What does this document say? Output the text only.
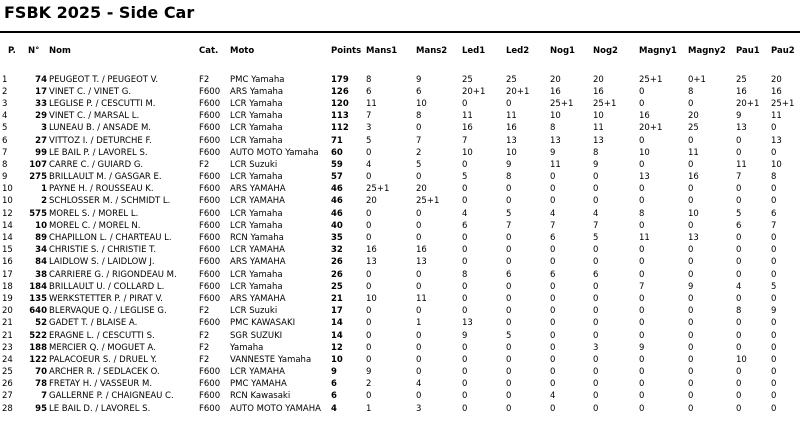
FSBK 2025 - Side Car
P.	N°	Nom	Cat.	Moto	Points	Mans1	Mans2	Led1	Led2	Nog1	Nog2	Magny1	Magny2	Pau1	Pau2

1	74	PEUGEOT T. / PEUGEOT V.	F2	PMC Yamaha	179	8	9	25	25	20	20	25+1	0+1	25	20
2	17	VINET C. / VINET G.	F600	ARS Yamaha	126	6	6	20+1	20+1	16	16	0	8	16	16
3	33	LEGLISE P. / CESCUTTI M.	F600	LCR Yamaha	120	11	10	0	0	25+1	25+1	0	0	20+1	25+1
4	29	VINET C. / MARSAL L.	F600	LCR Yamaha	113	7	8	11	11	10	10	16	20	9	11
5	3	LUNEAU B. / ANSADE M.	F600	LCR Yamaha	112	3	0	16	16	8	11	20+1	25	13	0
6	27	VITTOZ I. / DETURCHE F.	F600	LCR Yamaha	71	5	7	7	13	13	13	0	0	0	13
7	99	LE BAIL P. / LAVOREL S.	F600	AUTO MOTO Yamaha	60	0	2	10	10	9	8	10	11	0	0
8	107	CARRE C. / GUIARD G.	F2	LCR Suzuki	59	4	5	0	9	11	9	0	0	11	10
9	275	BRILLAULT M. / GASGAR E.	F600	LCR Yamaha	57	0	0	5	8	0	0	13	16	7	8
10	1	PAYNE H. / ROUSSEAU K.	F600	ARS YAMAHA	46	25+1	20	0	0	0	0	0	0	0	0
10	2	SCHLOSSER M. / SCHMIDT L.	F600	LCR YAMAHA	46	20	25+1	0	0	0	0	0	0	0	0
12	575	MOREL S. / MOREL L.	F600	LCR Yamaha	46	0	0	4	5	4	4	8	10	5	6
14	10	MOREL C. / MOREL N.	F600	LCR Yamaha	40	0	0	6	7	7	7	0	0	6	7
14	89	CHAPILLON L. / CHARTEAU L.	F600	RCN Yamaha	35	0	0	0	0	6	5	11	13	0	0
15	34	CHRISTIE S. / CHRISTIE T.	F600	LCR YAMAHA	32	16	16	0	0	0	0	0	0	0	0
16	84	LAIDLOW S. / LAIDLOW J.	F600	ARS YAMAHA	26	13	13	0	0	0	0	0	0	0	0
17	38	CARRIERE G. / RIGONDEAU M.	F600	LCR Yamaha	26	0	0	8	6	6	6	0	0	0	0
18	184	BRILLAULT U. / COLLARD L.	F600	LCR Yamaha	25	0	0	0	0	0	0	7	9	4	5
19	135	WERKSTETTER P. / PIRAT V.	F600	ARS YAMAHA	21	10	11	0	0	0	0	0	0	0	0
20	640	BLERVAQUE Q. / LEGLISE G.	F2	LCR Suzuki	17	0	0	0	0	0	0	0	0	8	9
21	52	GADET T. / BLAISE A.	F600	PMC KAWASAKI	14	0	1	13	0	0	0	0	0	0	0
21	522	ERAGNE L. / CESCUTTI S.	F2	SGR SUZUKI	14	0	0	9	5	0	0	0	0	0	0
23	188	MERCIER Q. / MOGUET A.	F2	Yamaha	12	0	0	0	0	0	3	9	0	0	0
24	122	PALACOEUR S. / DRUEL Y.	F2	VANNESTE Yamaha	10	0	0	0	0	0	0	0	0	10	0
25	70	ARCHER R. / SEDLACEK O.	F600	LCR YAMAHA	9	9	0	0	0	0	0	0	0	0	0
26	78	FRETAY H. / VASSEUR M.	F600	PMC YAMAHA	6	2	4	0	0	0	0	0	0	0	0
27	7	GALLERNE P. / CHAIGNEAU C.	F600	RCN Kawasaki	6	0	0	0	0	4	0	0	0	0	0
28	95	LE BAIL D. / LAVOREL S.	F600	AUTO MOTO YAMAHA	4	1	3	0	0	0	0	0	0	0	0
